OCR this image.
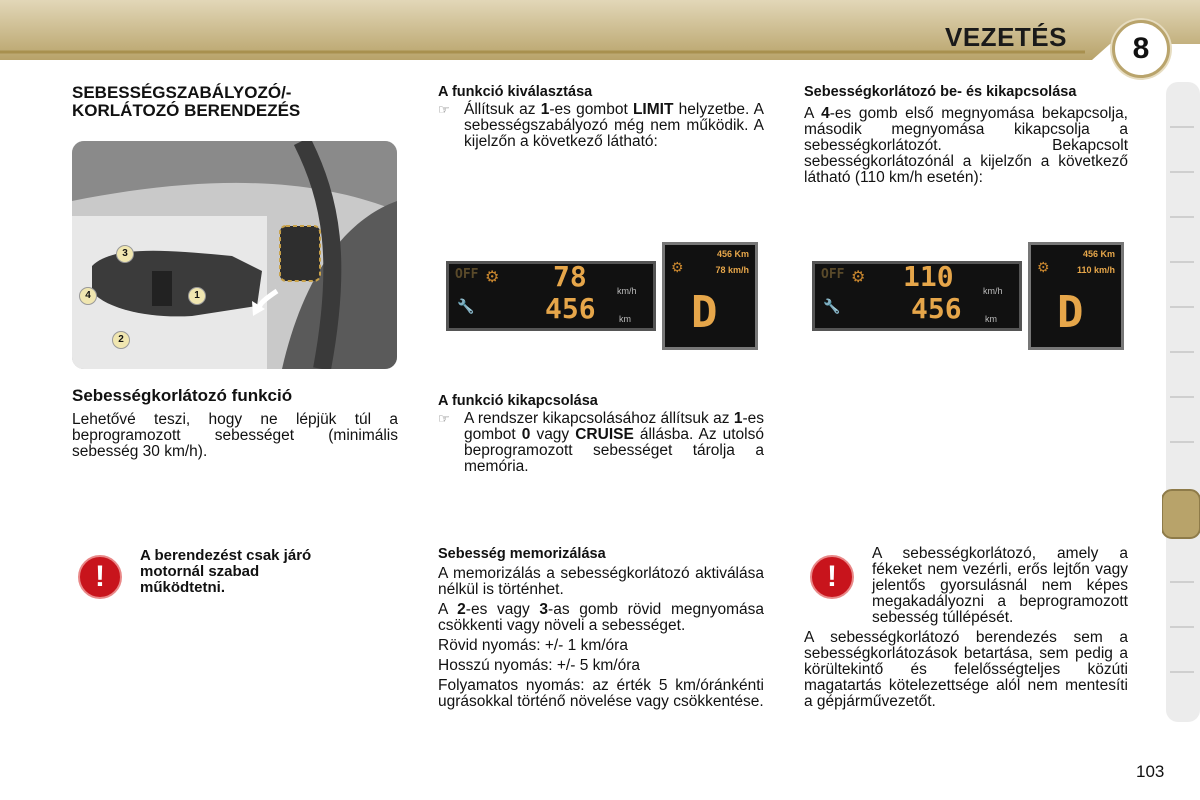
VEZETÉS	8
SEBESSÉGSZABÁLYOZÓ/-
KORLÁTOZÓ BERENDEZÉS
3
4	1
2
Sebességkorlátozó funkció

Lehetővé teszi, hogy ne lépjük túl a beprogramozott sebességet (minimális sebesség 30 km/h).

!

A berendezést csak járó motornál szabad működtetni.

A funkció kiválasztása
☞ Állítsuk az 1-es gombot LIMIT helyzetbe. A sebességszabályozó még nem működik. A kijelzőn a következő látható:
OFF ⚙ 78	km/h
🔧	456	km
456 Km
78 km/h
⚙
D
A funkció kikapcsolása
☞ A rendszer kikapcsolásához állítsuk az 1-es gombot 0 vagy CRUISE állásba. Az utolsó beprogramozott sebességet tárolja a memória.
Sebesség memorizálása

A memorizálás a sebességkorlátozó aktiválása nélkül is történhet.

A 2-es vagy 3-as gomb rövid megnyomása csökkenti vagy növeli a sebességet.

Rövid nyomás: +/- 1 km/óra

Hosszú nyomás: +/- 5 km/óra

Folyamatos nyomás: az érték 5 km/óránkénti ugrásokkal történő növelése vagy csökkentése.

Sebességkorlátozó be- és kikapcsolása

A 4-es gomb első megnyomása bekapcsolja, második megnyomása kikapcsolja a sebességkorlátozót. Bekapcsolt sebességkorlátozónál a kijelzőn a következő látható (110 km/h esetén):

OFF ⚙ 110	km/h
🔧	456	km
456 Km
110 km/h
⚙
D
!

A sebességkorlátozó, amely a fékeket nem vezérli, erős lejtőn vagy jelentős gyorsulásnál nem képes megakadályozni a beprogramozott sebesség túllépését.

A sebességkorlátozó berendezés sem a sebességkorlátozások betartása, sem pedig a körültekintő és felelősségteljes közúti magatartás kötelezettsége alól nem mentesíti a gépjárművezetőt.

103
